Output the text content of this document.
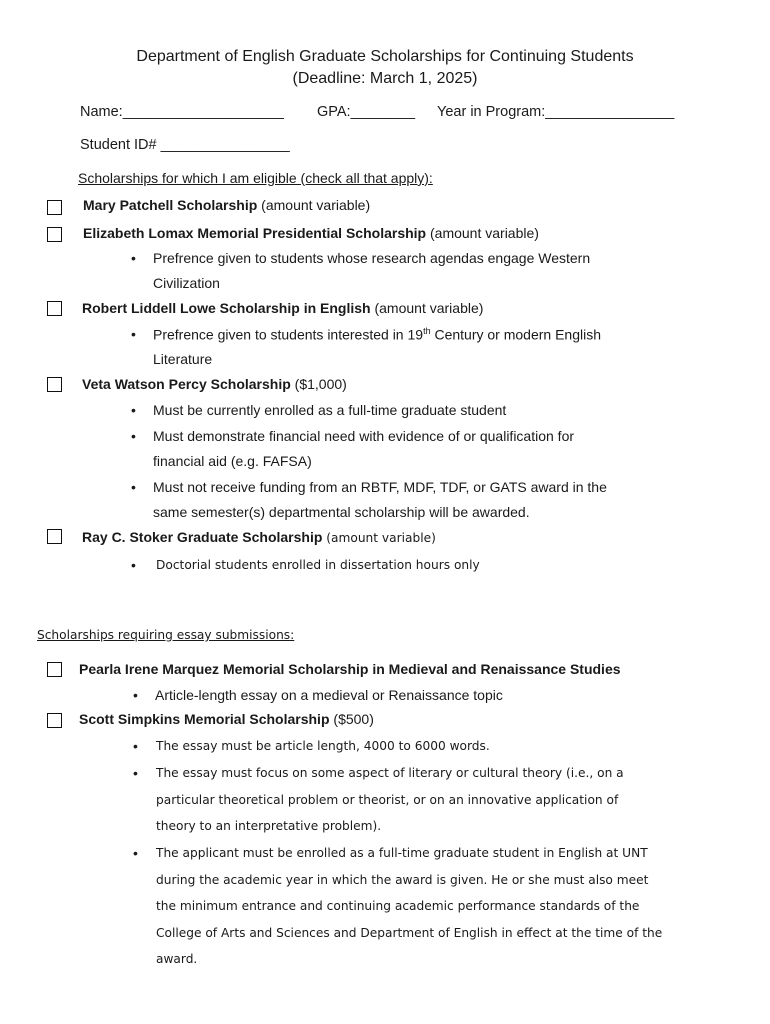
Department of English Graduate Scholarships for Continuing Students
(Deadline: March 1, 2025)
Name:____________________ GPA:________ Year in Program:________________
Student ID# ________________
Scholarships for which I am eligible (check all that apply):
Mary Patchell Scholarship (amount variable)
Elizabeth Lomax Memorial Presidential Scholarship (amount variable)
• Prefrence given to students whose research agendas engage Western
Civilization
Robert Liddell Lowe Scholarship in English (amount variable)
• Prefrence given to students interested in 19th Century or modern English
Literature
Veta Watson Percy Scholarship ($1,000)
• Must be currently enrolled as a full-time graduate student
• Must demonstrate financial need with evidence of or qualification for
financial aid (e.g. FAFSA)
• Must not receive funding from an RBTF, MDF, TDF, or GATS award in the
same semester(s) departmental scholarship will be awarded.
Ray C. Stoker Graduate Scholarship (amount variable)
• Doctorial students enrolled in dissertation hours only
Scholarships requiring essay submissions:
Pearla Irene Marquez Memorial Scholarship in Medieval and Renaissance Studies
• Article-length essay on a medieval or Renaissance topic
Scott Simpkins Memorial Scholarship ($500)
• The essay must be article length, 4000 to 6000 words.
• The essay must focus on some aspect of literary or cultural theory (i.e., on a
particular theoretical problem or theorist, or on an innovative application of
theory to an interpretative problem).
• The applicant must be enrolled as a full-time graduate student in English at UNT
during the academic year in which the award is given. He or she must also meet
the minimum entrance and continuing academic performance standards of the
College of Arts and Sciences and Department of English in effect at the time of the
award.
